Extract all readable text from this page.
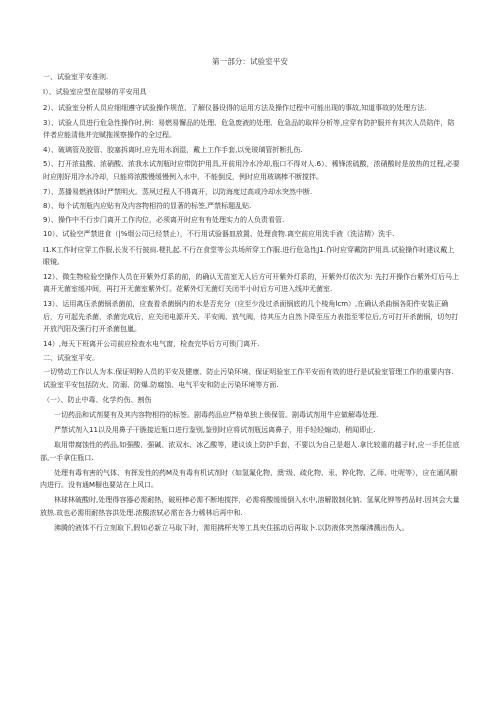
第一部分：试验室平安
一、试验室平安准则.
I）、试验室应型在屋够的平安用具
2）、试验室分析人员应细细遵守试验操作规范、了解仪器设得的运用方法及操作过程中可能出现的事故,知道事故的处理方法.
3）、试验人员进行危急性操作时,例：易燃易懈品的处理、危急废液的处理、危急品的取样分析等,应穿有防护服并有其次人员陪伴，陪伴者应能清他并完赋拖视察操作的全过程。
4）、破璃管及胶管、胶塞拆离时,应先用水润湿，戴上工作手套,以免玻璃管折断扎伤.
5）、打开浓盐酸、浓硝酸、浓我水试剂瓶时应带防护用具,开前用冷水冷却,瓶口不得对人.6）、稀锋浓硫酸，浓硝酸时是放热的过程,必要时应刚好用冷水冷却，只能将浓酸慢缓慢例入水中，不能倒反，例时应用玻璃棒不断搅拌。
7）、蒸播易燃液体时严禁明火。蒸夙过程人不得离开，以防海度过高或冷却水突然中断.
8）、每个试剂瓶内应贴有及内容物相符的显著的标签,严禁标题乱贴.
9）、操作中不行步门离开工作沟位，必须离开时应有有处理实力的人负责看管.
10）、试验空严禁进食（|%烟公司已经禁止），不行用试验器皿放置、处理食物.离空前应用洗手液（洗洁精）洗手.
I1.K工作时应穿工作服,长发不行披肩.梗扎起.不行在食堂等公共场所穿工作服.进行危急性J1.作时应穿戴防护用具.试验操作时建议戴上眼镜,
12）、微生物检验空操作人员在开紫外灯系的前，的确认无苗室无人后方可开紫外灯系的，开紫外灯依次为: 先打开操作台紫外灯后马上离开无菌室缓冲间，再打开无菌室紫外灯。花紫外灯无菌灯关闭半小时后方可进入线冲无菌室.
13）、运用离压杀菌锅杀菌前，应查看杀菌锅内的水是否充分（应至少没过杀面锅底的几个棱角lcm）,在确认杀曲锅各阳件安装正确后，方可起先杀菌，杀菌完成后，应关闭电源开关、平安阀、放气阀，待其压力自然卜降至压力表指至零位后,方可打开杀菌锅，切勿打开放汽阳及强行打开杀菌包嵐。
14）,每天下班离开公司前应检查水电气窗，检查完毕后方可锁门离开.
二、试验室平安。
一切势动工作以人为本.保证明粉人员的平安及健康、防止污染环境、保证明验室工作平安而有效的进行是试验室管理工作的重要内容.试验室平安包括防火、防溺、防爆.防腐蚀、电气平安和防止污染环境等方面.
（一）、防止中毒、化学灼伤、割伤
一切药品和试剂要有及其内容物相符的标签。剧毒药品应严格单独上锁保管。剧毒试剂用牛应做解毒处理.
严禁试剂入11以及用鼻子干脆接近瓶口进行鉴别,鉴别时应将试剂瓶远离鼻子，用手轻轻煽动，稍闻即止.
取用带腐蚀性的药品,如强酸、强碱、浓双水、冰乙酸等，建议该上防护手套，不要以为自己是超人.拿比较重的越子时,应一手托住底部,一手拿住瓶口.
处理有毒有害的气体、有挥发性的药M及有毒有机试剂时（如氢氟化物、澳'级、疏化物、汞、粹化物、乙师、吐呢等），应在通风橱内进行。没有通M橱也要站在上风口。
林球林破酸时,处理得容器必需耐热，破班棒必需不断地搅拌，必需将酸缓缓倒入水中,溶解散制化钠、氢氧化钾等药品时.因其会大量放热.故也必需用耐热容洪处理.浓酸浓轼必需在各力稀林后再中和.
沸腾的液体不行立刻取下,假如必新立马取下时，需用拂杯夹等工具夹住摇动后再取卜.以防液体突然爆沸溅出伤人。
